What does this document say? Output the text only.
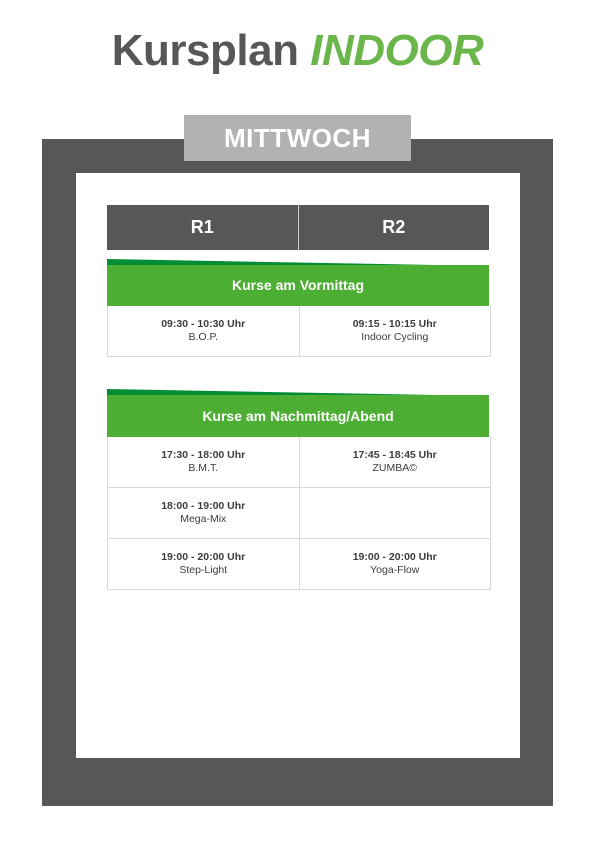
Kursplan INDOOR
MITTWOCH
R1	R2
Kurse am Vormittag
09:30 - 10:30 Uhr
B.O.P.
09:15 - 10:15 Uhr
Indoor Cycling
Kurse am Nachmittag/Abend
17:30 - 18:00 Uhr
B.M.T.
17:45 - 18:45 Uhr
ZUMBA©
18:00 - 19:00 Uhr
Mega-Mix
19:00 - 20:00 Uhr
Step-Light
19:00 - 20:00 Uhr
Yoga-Flow
